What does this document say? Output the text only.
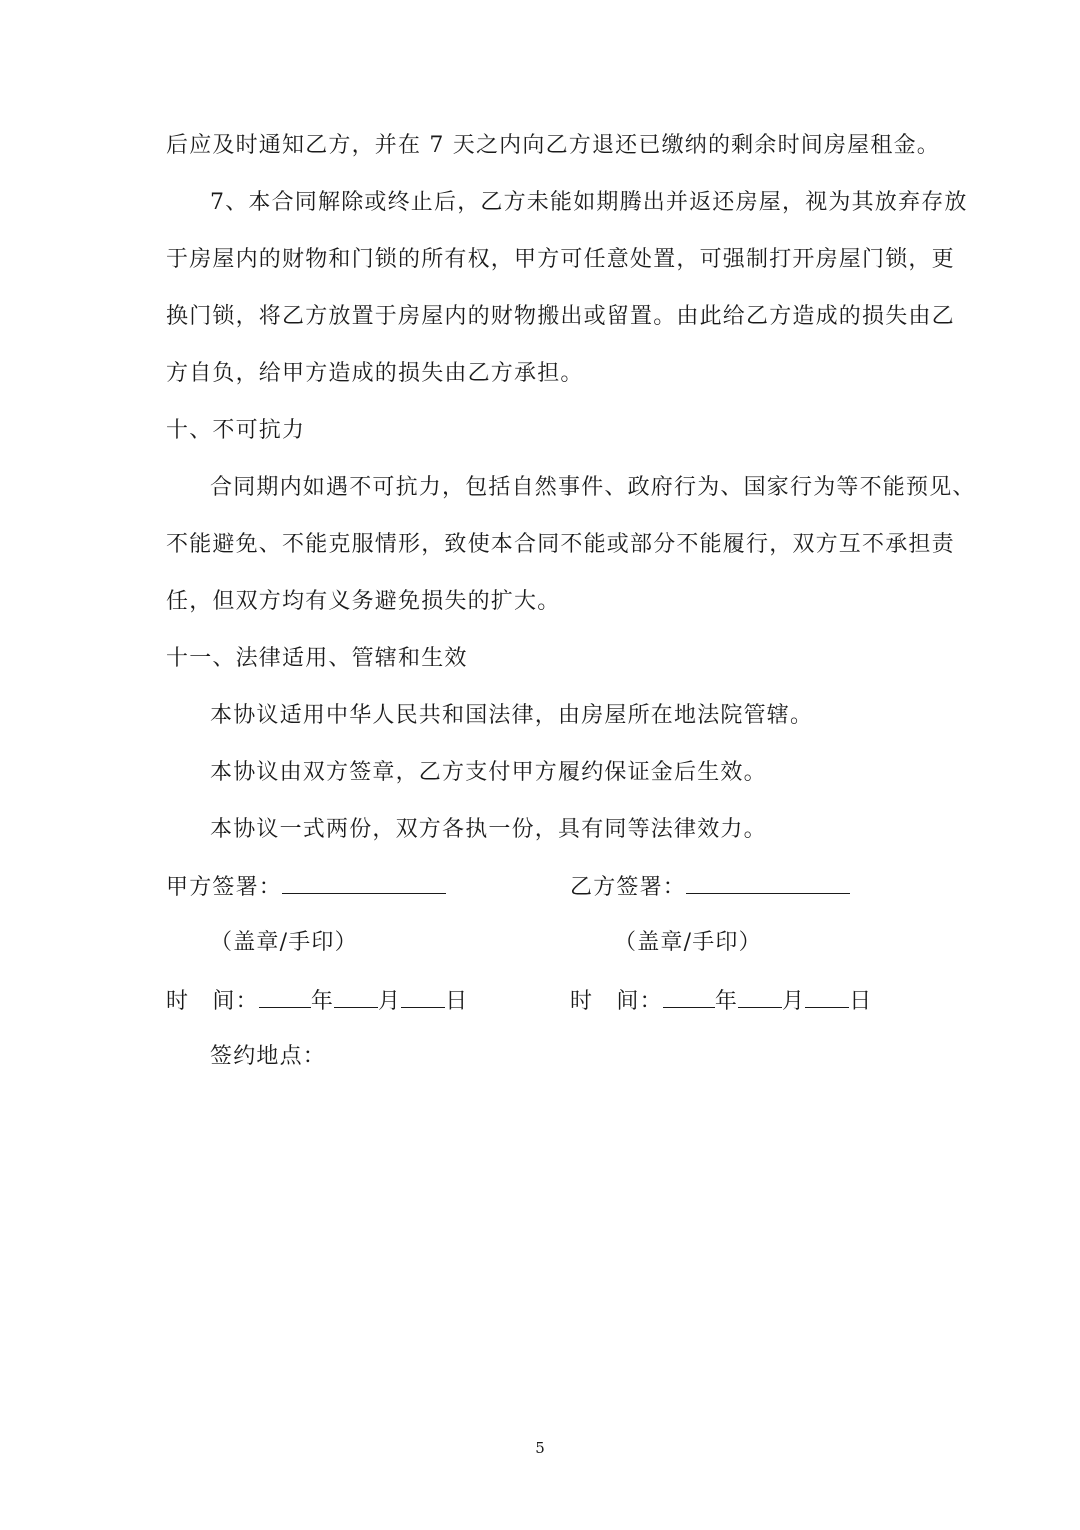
后应及时通知乙方，并在 7 天之内向乙方退还已缴纳的剩余时间房屋租金。
7、本合同解除或终止后，乙方未能如期腾出并返还房屋，视为其放弃存放
于房屋内的财物和门锁的所有权，甲方可任意处置，可强制打开房屋门锁，更
换门锁，将乙方放置于房屋内的财物搬出或留置。由此给乙方造成的损失由乙
方自负，给甲方造成的损失由乙方承担。
十、不可抗力
合同期内如遇不可抗力，包括自然事件、政府行为、国家行为等不能预见、
不能避免、不能克服情形，致使本合同不能或部分不能履行，双方互不承担责
任，但双方均有义务避免损失的扩大。
十一、法律适用、管辖和生效
本协议适用中华人民共和国法律，由房屋所在地法院管辖。
本协议由双方签章，乙方支付甲方履约保证金后生效。
本协议一式两份，双方各执一份，具有同等法律效力。
甲方签署：	乙方签署：
（盖章/手印）	（盖章/手印）
时　间： 年 月 日	时　间： 年 月 日
签约地点：
5
